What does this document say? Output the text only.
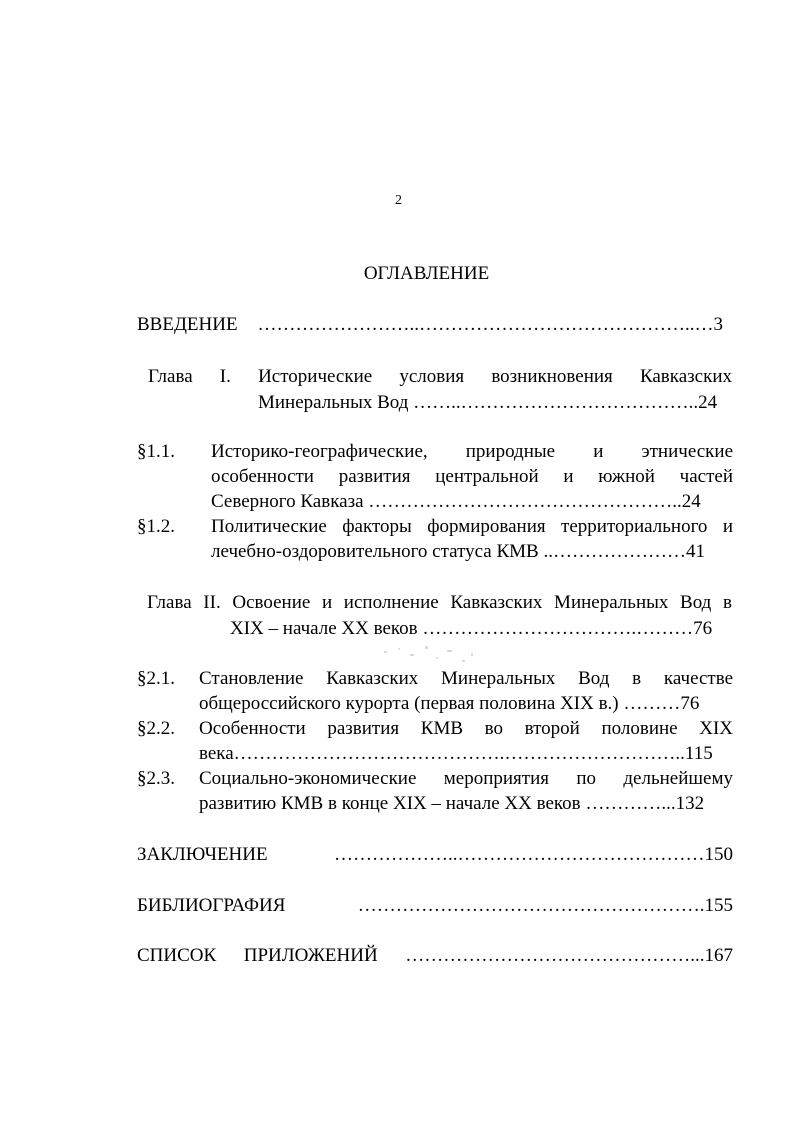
2
ОГЛАВЛЕНИЕ
ВВЕДЕНИЕ ……………………..……………………………………..…3
Глава I. Исторические условия возникновения Кавказских
Минеральных Вод ……..………………………………..24
§1.1. Историко-географические, природные и этнические
особенности развития центральной и южной частей
Северного Кавказа …………………………………………..24
§1.2. Политические факторы формирования территориального и
лечебно-оздоровительного статуса КМВ ..…………………41
Глава II. Освоение и исполнение Кавказских Минеральных Вод в
XIX – начале XX веков …………………………….………76
§2.1. Становление Кавказских Минеральных Вод в качестве
общероссийского курорта (первая половина XIX в.) ………76
§2.2. Особенности развития КМВ во второй половине XIX
века…………………………………….………………………..115
§2.3. Социально-экономические мероприятия по дельнейшему
развитию КМВ в конце XIX – начале XX веков …………...132
ЗАКЛЮЧЕНИЕ ………………..…………………………………150
БИБЛИОГРАФИЯ ……………………………………………….155
СПИСОК ПРИЛОЖЕНИЙ ………………………………………...167
